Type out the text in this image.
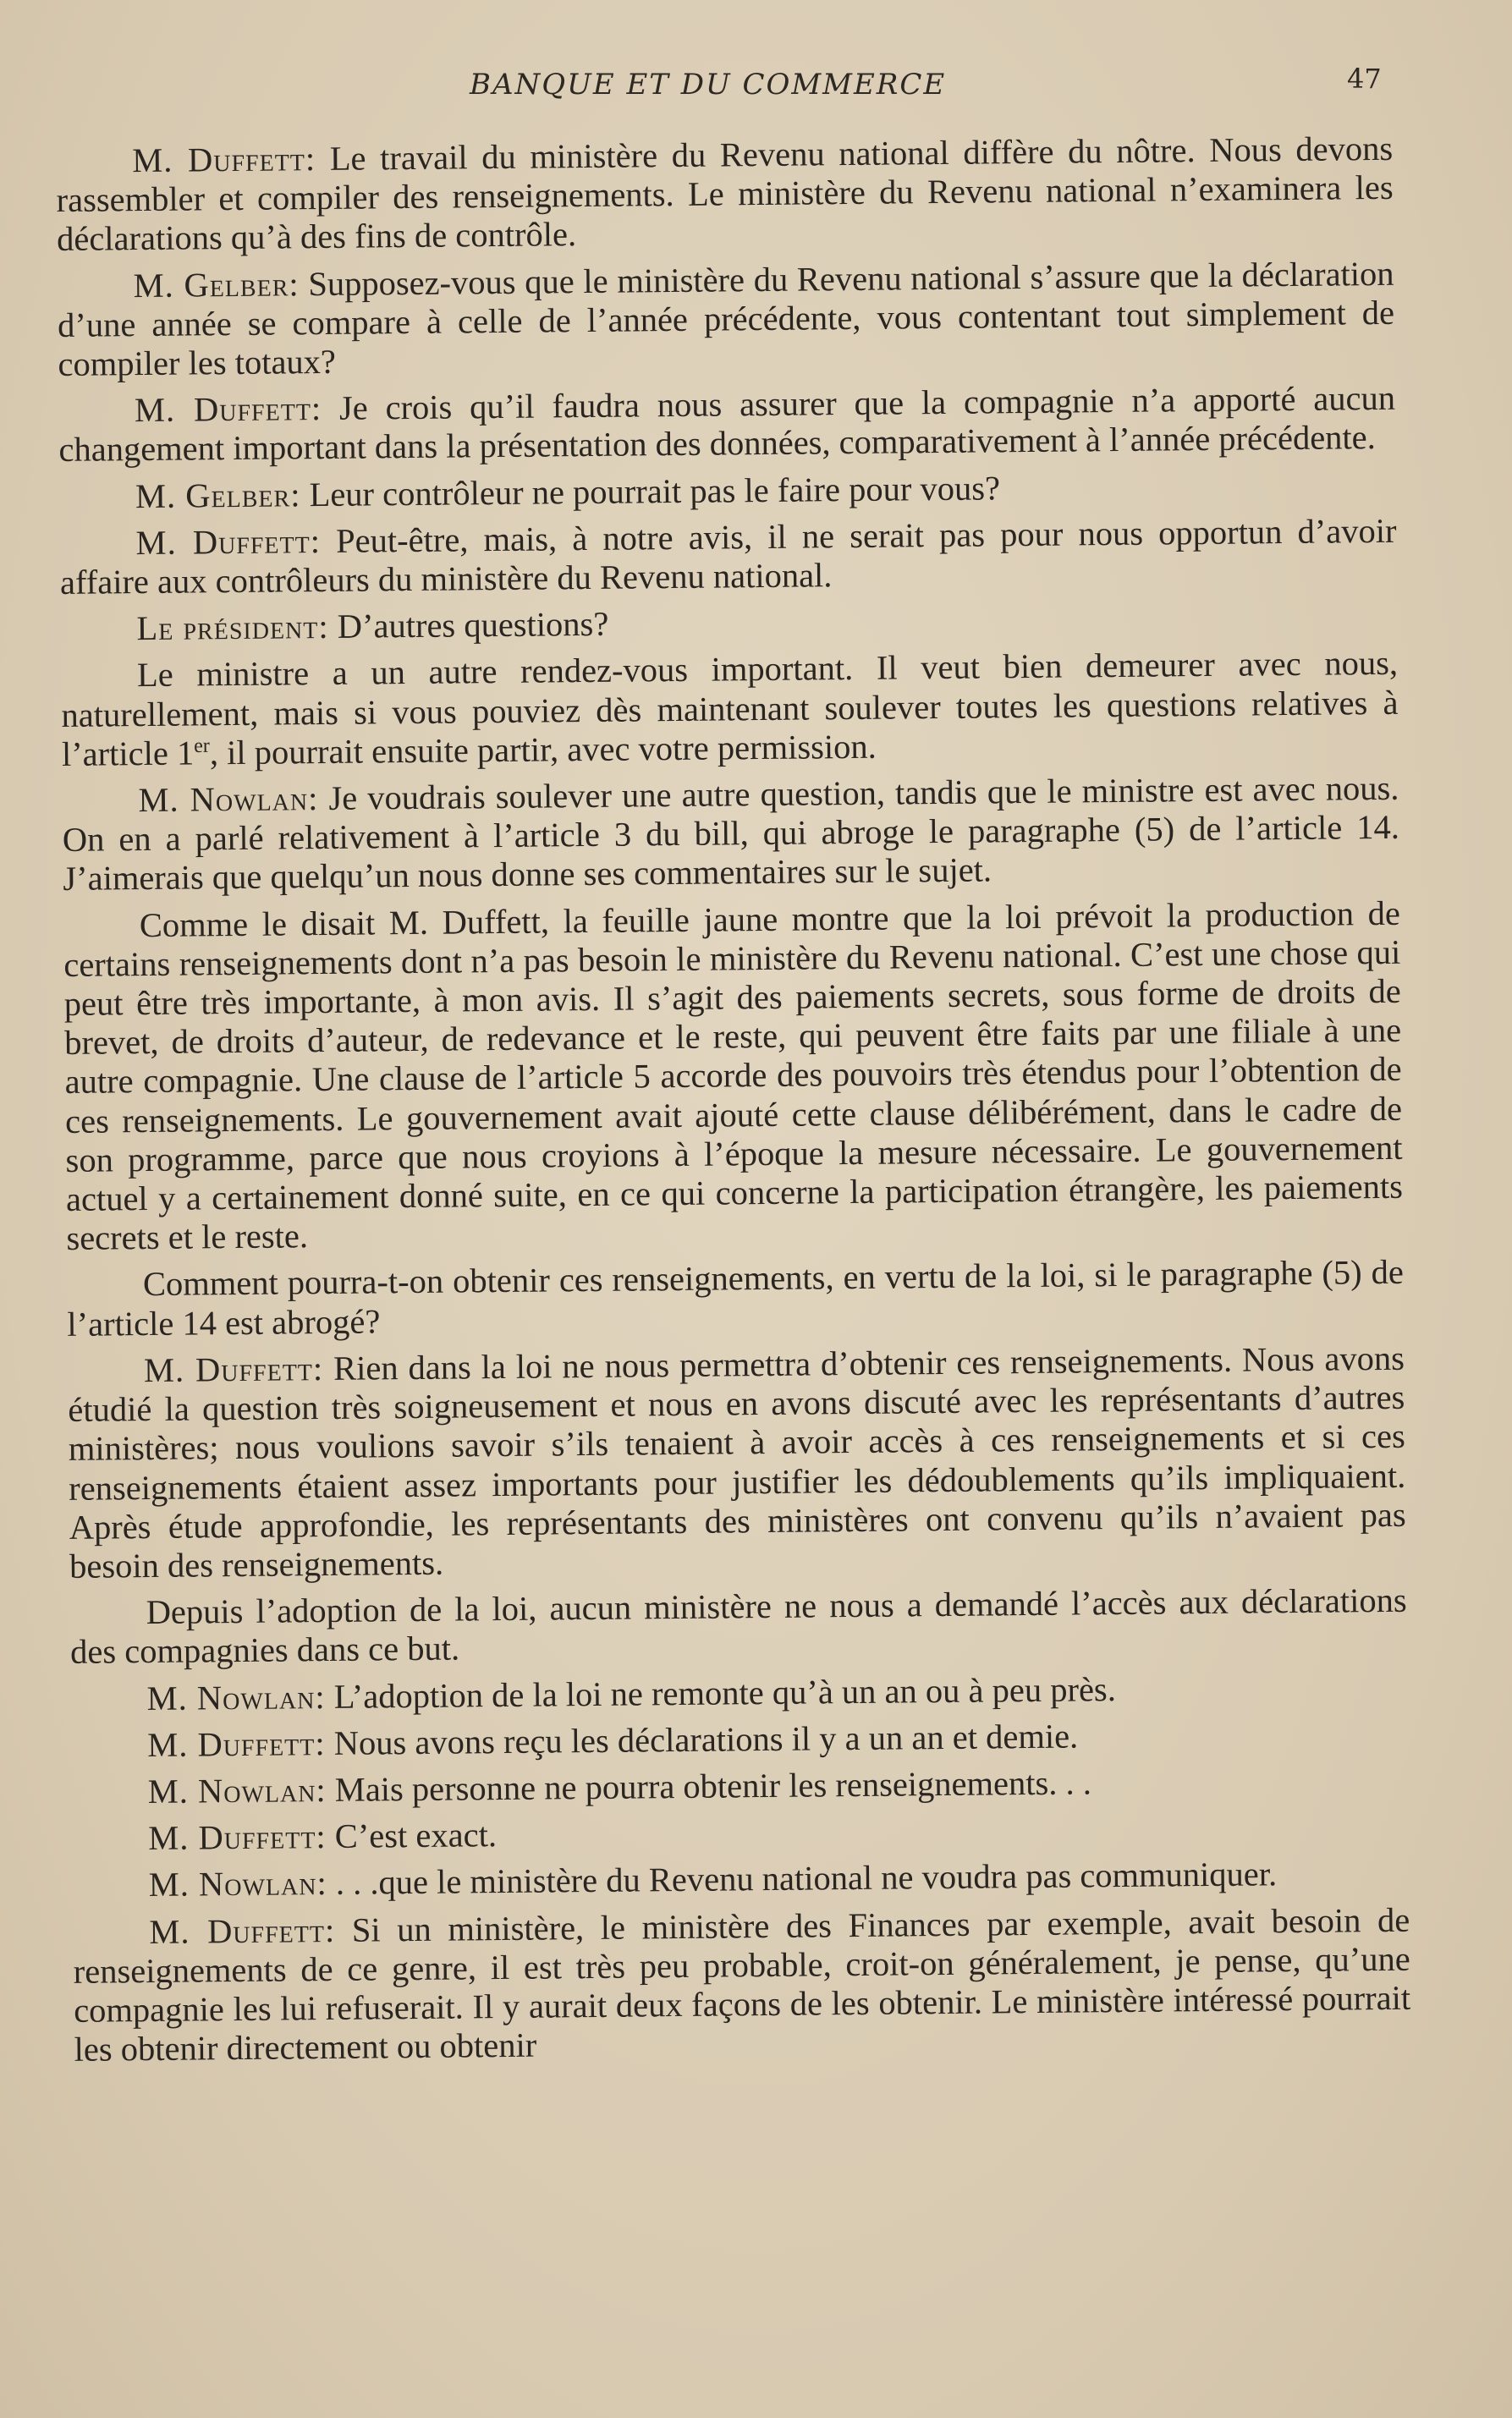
BANQUE ET DU COMMERCE	47

M. Duffett: Le travail du ministère du Revenu national diffère du nôtre. Nous devons rassembler et compiler des renseignements. Le ministère du Revenu national n’examinera les déclarations qu’à des fins de contrôle.

M. Gelber: Supposez-vous que le ministère du Revenu national s’assure que la déclaration d’une année se compare à celle de l’année précédente, vous contentant tout simplement de compiler les totaux?

M. Duffett: Je crois qu’il faudra nous assurer que la compagnie n’a apporté aucun changement important dans la présentation des données, comparativement à l’année précédente.

M. Gelber: Leur contrôleur ne pourrait pas le faire pour vous?

M. Duffett: Peut-être, mais, à notre avis, il ne serait pas pour nous opportun d’avoir affaire aux contrôleurs du ministère du Revenu national.

Le président: D’autres questions?

Le ministre a un autre rendez-vous important. Il veut bien demeurer avec nous, naturellement, mais si vous pouviez dès maintenant soulever toutes les questions relatives à l’article 1er, il pourrait ensuite partir, avec votre permission.

M. Nowlan: Je voudrais soulever une autre question, tandis que le ministre est avec nous. On en a parlé relativement à l’article 3 du bill, qui abroge le paragraphe (5) de l’article 14. J’aimerais que quelqu’un nous donne ses commentaires sur le sujet.

Comme le disait M. Duffett, la feuille jaune montre que la loi prévoit la production de certains renseignements dont n’a pas besoin le ministère du Revenu national. C’est une chose qui peut être très importante, à mon avis. Il s’agit des paiements secrets, sous forme de droits de brevet, de droits d’auteur, de redevance et le reste, qui peuvent être faits par une filiale à une autre compagnie. Une clause de l’article 5 accorde des pouvoirs très étendus pour l’obtention de ces renseignements. Le gouvernement avait ajouté cette clause délibérément, dans le cadre de son programme, parce que nous croyions à l’époque la mesure nécessaire. Le gouvernement actuel y a certainement donné suite, en ce qui concerne la participation étrangère, les paiements secrets et le reste.

Comment pourra-t-on obtenir ces renseignements, en vertu de la loi, si le paragraphe (5) de l’article 14 est abrogé?

M. Duffett: Rien dans la loi ne nous permettra d’obtenir ces renseignements. Nous avons étudié la question très soigneusement et nous en avons discuté avec les représentants d’autres ministères; nous voulions savoir s’ils tenaient à avoir accès à ces renseignements et si ces renseignements étaient assez importants pour justifier les dédoublements qu’ils impliquaient. Après étude approfondie, les représentants des ministères ont convenu qu’ils n’avaient pas besoin des renseignements.

Depuis l’adoption de la loi, aucun ministère ne nous a demandé l’accès aux déclarations des compagnies dans ce but.

M. Nowlan: L’adoption de la loi ne remonte qu’à un an ou à peu près.

M. Duffett: Nous avons reçu les déclarations il y a un an et demie.

M. Nowlan: Mais personne ne pourra obtenir les renseignements. . .

M. Duffett: C’est exact.

M. Nowlan: . . .que le ministère du Revenu national ne voudra pas communiquer.

M. Duffett: Si un ministère, le ministère des Finances par exemple, avait besoin de renseignements de ce genre, il est très peu probable, croit-on généralement, je pense, qu’une compagnie les lui refuserait. Il y aurait deux façons de les obtenir. Le ministère intéressé pourrait les obtenir directement ou obtenir
